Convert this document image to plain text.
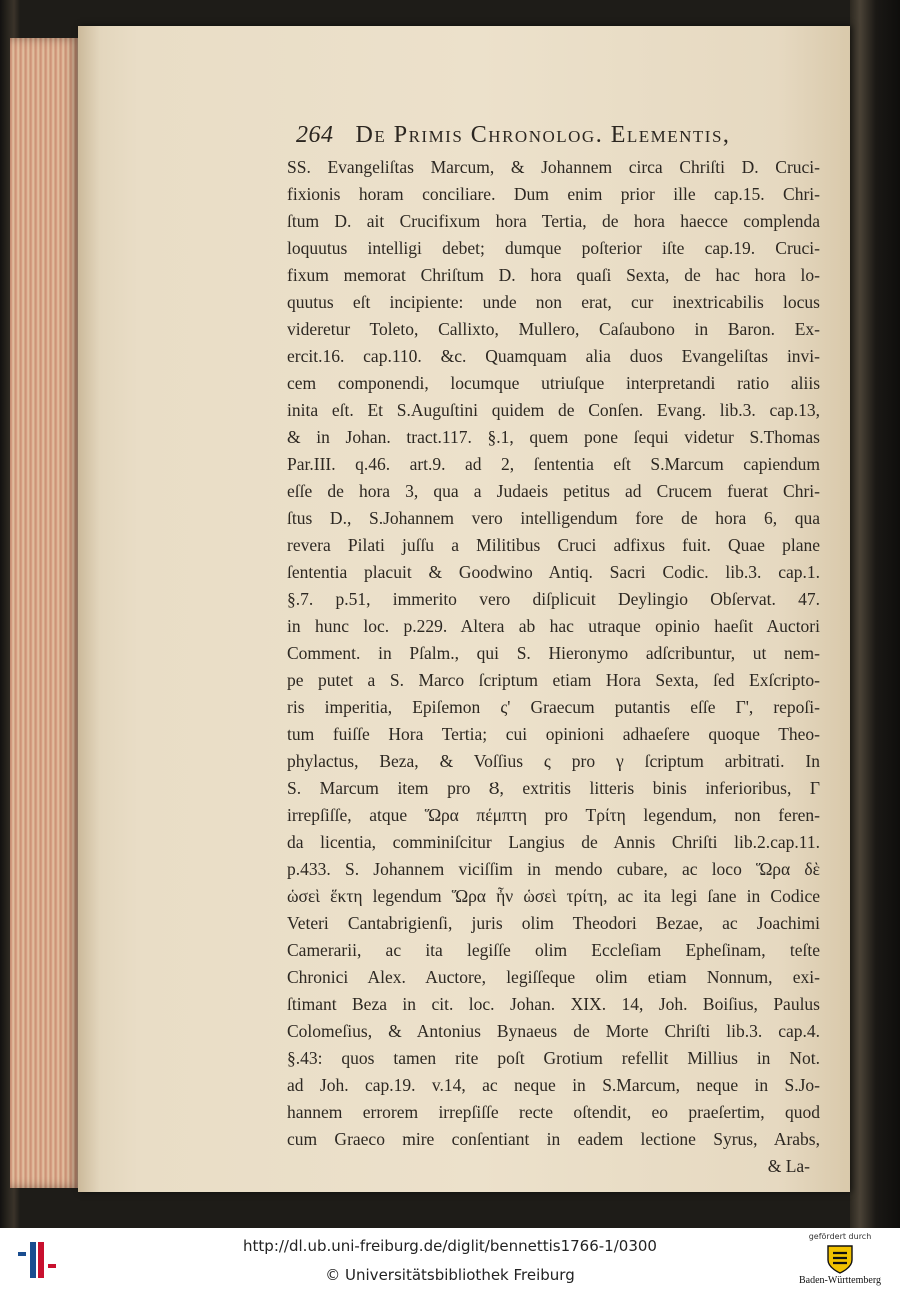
264 De Primis Chronolog. Elementis,
SS. Evangeliſtas Marcum, & Johannem circa Chriſti D. Cruci-
fixionis horam conciliare. Dum enim prior ille cap.15. Chri-
ſtum D. ait Crucifixum hora Tertia, de hora haecce complenda
loquutus intelligi debet; dumque poſterior iſte cap.19. Cruci-
fixum memorat Chriſtum D. hora quaſi Sexta, de hac hora lo-
quutus eſt incipiente: unde non erat, cur inextricabilis locus
videretur Toleto, Callixto, Mullero, Caſaubono in Baron. Ex-
ercit.16. cap.110. &c. Quamquam alia duos Evangeliſtas invi-
cem componendi, locumque utriuſque interpretandi ratio aliis
inita eſt. Et S.Auguſtini quidem de Conſen. Evang. lib.3. cap.13,
& in Johan. tract.117. §.1, quem pone ſequi videtur S.Thomas
Par.III. q.46. art.9. ad 2, ſententia eſt S.Marcum capiendum
eſſe de hora 3, qua a Judaeis petitus ad Crucem fuerat Chri-
ſtus D., S.Johannem vero intelligendum fore de hora 6, qua
revera Pilati juſſu a Militibus Cruci adfixus fuit. Quae plane
ſententia placuit & Goodwino Antiq. Sacri Codic. lib.3. cap.1.
§.7. p.51, immerito vero diſplicuit Deylingio Obſervat. 47.
in hunc loc. p.229. Altera ab hac utraque opinio haeſit Auctori
Comment. in Pſalm., qui S. Hieronymo adſcribuntur, ut nem-
pe putet a S. Marco ſcriptum etiam Hora Sexta, ſed Exſcripto-
ris imperitia, Epiſemon ς' Graecum putantis eſſe Γ', repoſi-
tum fuiſſe Hora Tertia; cui opinioni adhaeſere quoque Theo-
phylactus, Beza, & Voſſius ς pro γ ſcriptum arbitrati. In
S. Marcum item pro Ȣ, extritis litteris binis inferioribus, Γ
irrepſiſſe, atque Ὥρα πέμπτη pro Τρίτη legendum, non feren-
da licentia, comminiſcitur Langius de Annis Chriſti lib.2.cap.11.
p.433. S. Johannem viciſſim in mendo cubare, ac loco Ὥρα δὲ
ὡσεὶ ἕκτη legendum Ὥρα ἦν ὡσεὶ τρίτη, ac ita legi ſane in Codice
Veteri Cantabrigienſi, juris olim Theodori Bezae, ac Joachimi
Camerarii, ac ita legiſſe olim Eccleſiam Epheſinam, teſte
Chronici Alex. Auctore, legiſſeque olim etiam Nonnum, exi-
ſtimant Beza in cit. loc. Johan. XIX. 14, Joh. Boiſius, Paulus
Colomeſius, & Antonius Bynaeus de Morte Chriſti lib.3. cap.4.
§.43: quos tamen rite poſt Grotium refellit Millius in Not.
ad Joh. cap.19. v.14, ac neque in S.Marcum, neque in S.Jo-
hannem errorem irrepſiſſe recte oſtendit, eo praeſertim, quod
cum Graeco mire conſentiant in eadem lectione Syrus, Arabs,
& La-
http://dl.ub.uni-freiburg.de/diglit/bennettis1766-1/0300
© Universitätsbibliothek Freiburg
gefördert durch
Baden-Württemberg
